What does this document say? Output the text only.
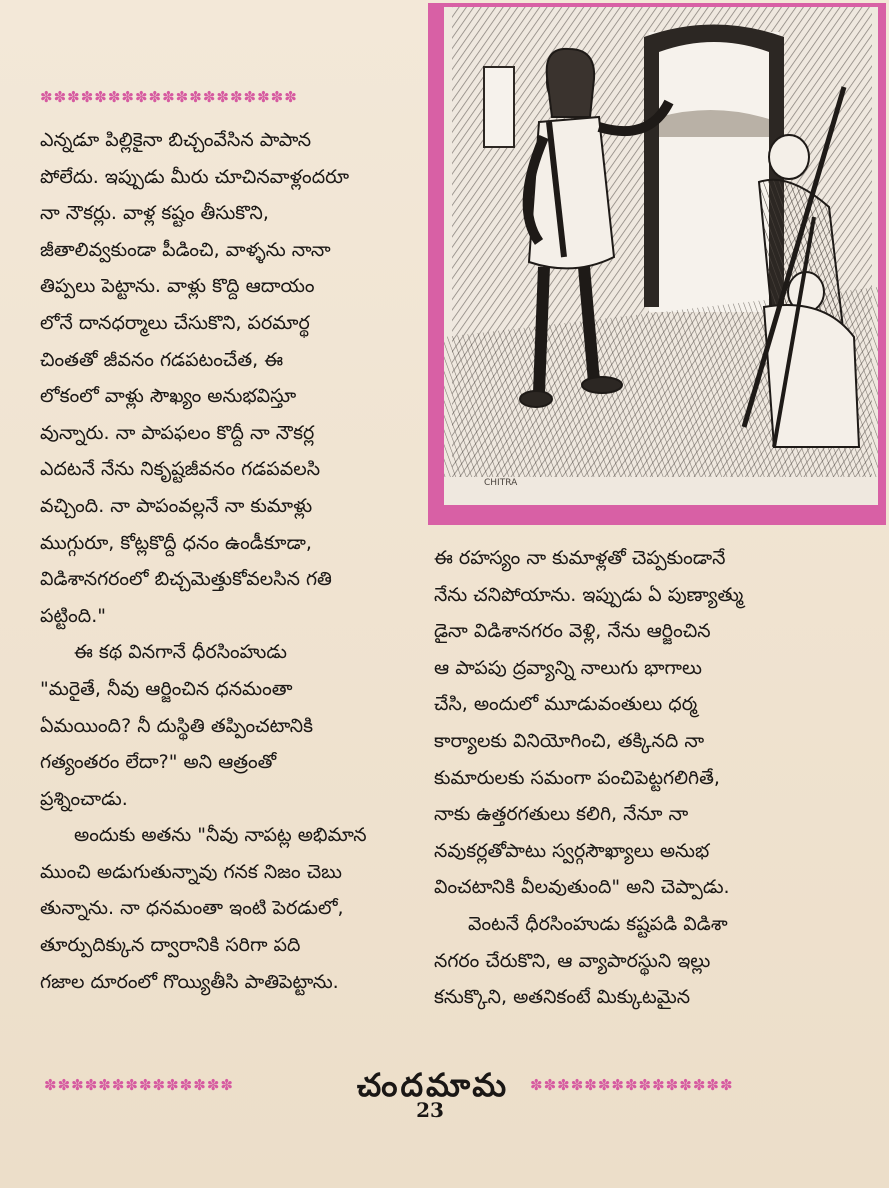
✽✽✽✽✽✽✽✽✽✽✽✽✽✽✽✽✽✽✽

ఎన్నడూ పిల్లికైనా బిచ్చంవేసిన పాపాన

పోలేదు. ఇప్పుడు మీరు చూచినవాళ్లందరూ

నా నౌకర్లు. వాళ్ల కష్టం తీసుకొని,

జీతాలివ్వకుండా పీడించి, వాళ్ళను నానా

తిప్పలు పెట్టాను. వాళ్లు కొద్ది ఆదాయం

లోనే దానధర్మాలు చేసుకొని, పరమార్థ

చింతతో జీవనం గడపటంచేత, ఈ

లోకంలో వాళ్లు సౌఖ్యం అనుభవిస్తూ

వున్నారు. నా పాపఫలం కొద్దీ నా నౌకర్ల

ఎదటనే నేను నికృష్టజీవనం గడపవలసి

వచ్చింది. నా పాపంవల్లనే నా కుమాళ్లు

ముగ్గురూ, కోట్లకొద్దీ ధనం ఉండీకూడా,

విడిశానగరంలో బిచ్చమెత్తుకోవలసిన గతి

పట్టింది."

ఈ కథ వినగానే ధీరసింహుడు

"మరైతే, నీవు ఆర్జించిన ధనమంతా

ఏమయింది? నీ దుస్థితి తప్పించటానికి

గత్యంతరం లేదా?" అని ఆత్రంతో

ప్రశ్నించాడు.

అందుకు అతను "నీవు నాపట్ల అభిమాన

ముంచి అడుగుతున్నావు గనక నిజం చెబు

తున్నాను. నా ధనమంతా ఇంటి పెరడులో,

తూర్పుదిక్కున ద్వారానికి సరిగా పది

గజాల దూరంలో గొయ్యితీసి పాతిపెట్టాను.

CHITRA

ఈ రహస్యం నా కుమాళ్లతో చెప్పకుండానే

నేను చనిపోయాను. ఇప్పుడు ఏ పుణ్యాత్ము

డైనా విడిశానగరం వెళ్లి, నేను ఆర్జించిన

ఆ పాపపు ద్రవ్యాన్ని నాలుగు భాగాలు

చేసి, అందులో మూడువంతులు ధర్మ

కార్యాలకు వినియోగించి, తక్కినది నా

కుమారులకు సమంగా పంచిపెట్టగలిగితే,

నాకు ఉత్తరగతులు కలిగి, నేనూ నా

నవుకర్లతోపాటు స్వర్గసౌఖ్యాలు అనుభ

వించటానికి వీలవుతుంది" అని చెప్పాడు.

వెంటనే ధీరసింహుడు కష్టపడి విడిశా

నగరం చేరుకొని, ఆ వ్యాపారస్థుని ఇల్లు

కనుక్కొని, అతనికంటే మిక్కుటమైన

✽✽✽✽✽✽✽✽✽✽✽✽✽✽	చందమామ	✽✽✽✽✽✽✽✽✽✽✽✽✽✽✽
23
